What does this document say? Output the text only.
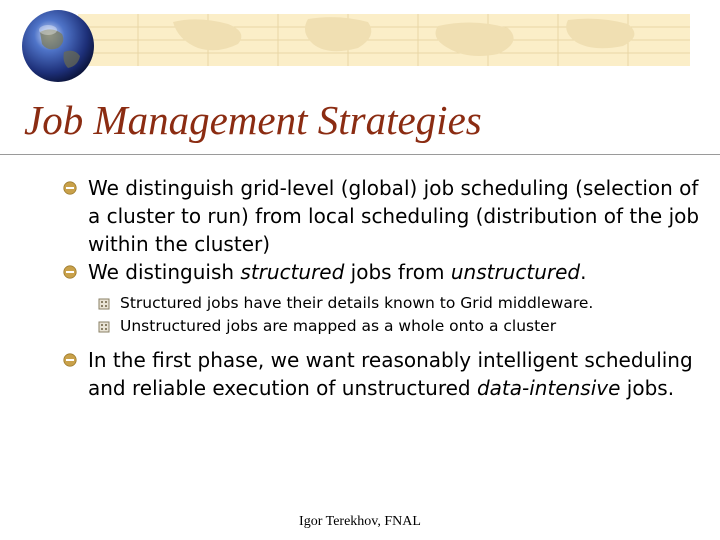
Job Management Strategies
We distinguish grid-level (global) job scheduling (selection of a cluster to run) from local scheduling (distribution of the job within the cluster)
We distinguish structured jobs from unstructured.
Structured jobs have their details known to Grid middleware.
Unstructured jobs are mapped as a whole onto a cluster
In the first phase, we want reasonably intelligent scheduling and reliable execution of unstructured data-intensive jobs.
Igor Terekhov, FNAL
